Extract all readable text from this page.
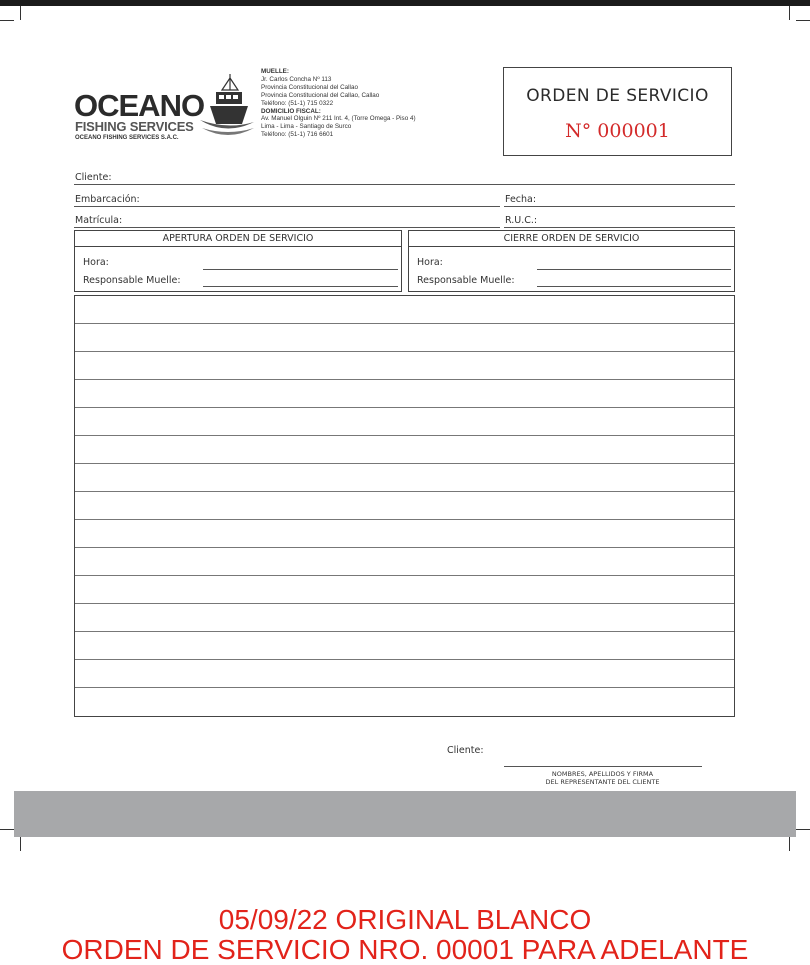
OCEANO
FISHING SERVICES
OCEANO FISHING SERVICES S.A.C.
MUELLE:
Jr. Carlos Concha Nº 113
Provincia Constitucional del Callao
Provincia Constitucional del Callao, Callao
Teléfono: (51-1) 715 0322
DOMICILIO FISCAL:
Av. Manuel Olguin Nº 211 Int. 4, (Torre Omega - Piso 4)
Lima - Lima - Santiago de Surco
Teléfono: (51-1) 716 6601
ORDEN DE SERVICIO
N° 000001
Cliente:
Embarcación:	Fecha:
Matrícula:	R.U.C.:
APERTURA ORDEN DE SERVICIO
Hora:
Responsable Muelle:
CIERRE ORDEN DE SERVICIO
Hora:
Responsable Muelle:
Cliente:
NOMBRES, APELLIDOS Y FIRMA
DEL REPRESENTANTE DEL CLIENTE
05/09/22 ORIGINAL BLANCO
ORDEN DE SERVICIO NRO. 00001 PARA ADELANTE
